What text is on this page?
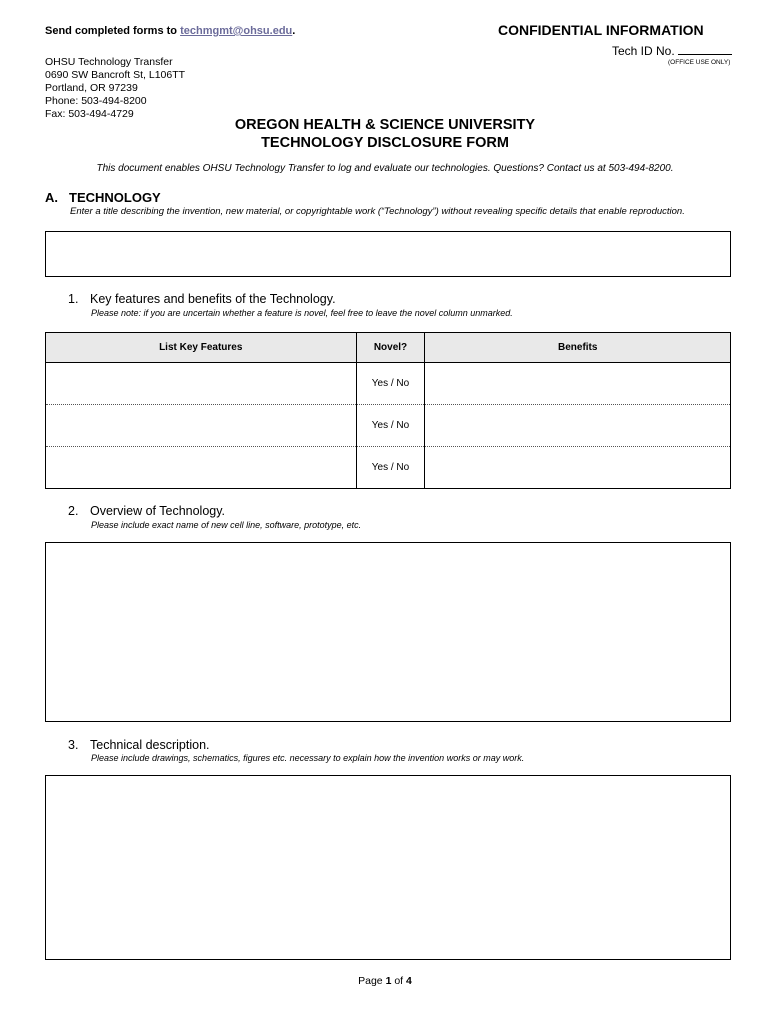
Send completed forms to techmgmt@ohsu.edu.	CONFIDENTIAL INFORMATION
Tech ID No.
(OFFICE USE ONLY)
OHSU Technology Transfer
0690 SW Bancroft St, L106TT
Portland, OR 97239
Phone: 503-494-8200
Fax: 503-494-4729
OREGON HEALTH & SCIENCE UNIVERSITY
TECHNOLOGY DISCLOSURE FORM
This document enables OHSU Technology Transfer to log and evaluate our technologies. Questions? Contact us at 503-494-8200.
A. TECHNOLOGY
Enter a title describing the invention, new material, or copyrightable work (“Technology”) without revealing specific details that enable reproduction.
1. Key features and benefits of the Technology.
Please note: if you are uncertain whether a feature is novel, feel free to leave the novel column unmarked.
List Key Features	Novel?	Benefits
	Yes / No	
	Yes / No	
	Yes / No	
2. Overview of Technology.
Please include exact name of new cell line, software, prototype, etc.
3. Technical description.
Please include drawings, schematics, figures etc. necessary to explain how the invention works or may work.
Page 1 of 4
